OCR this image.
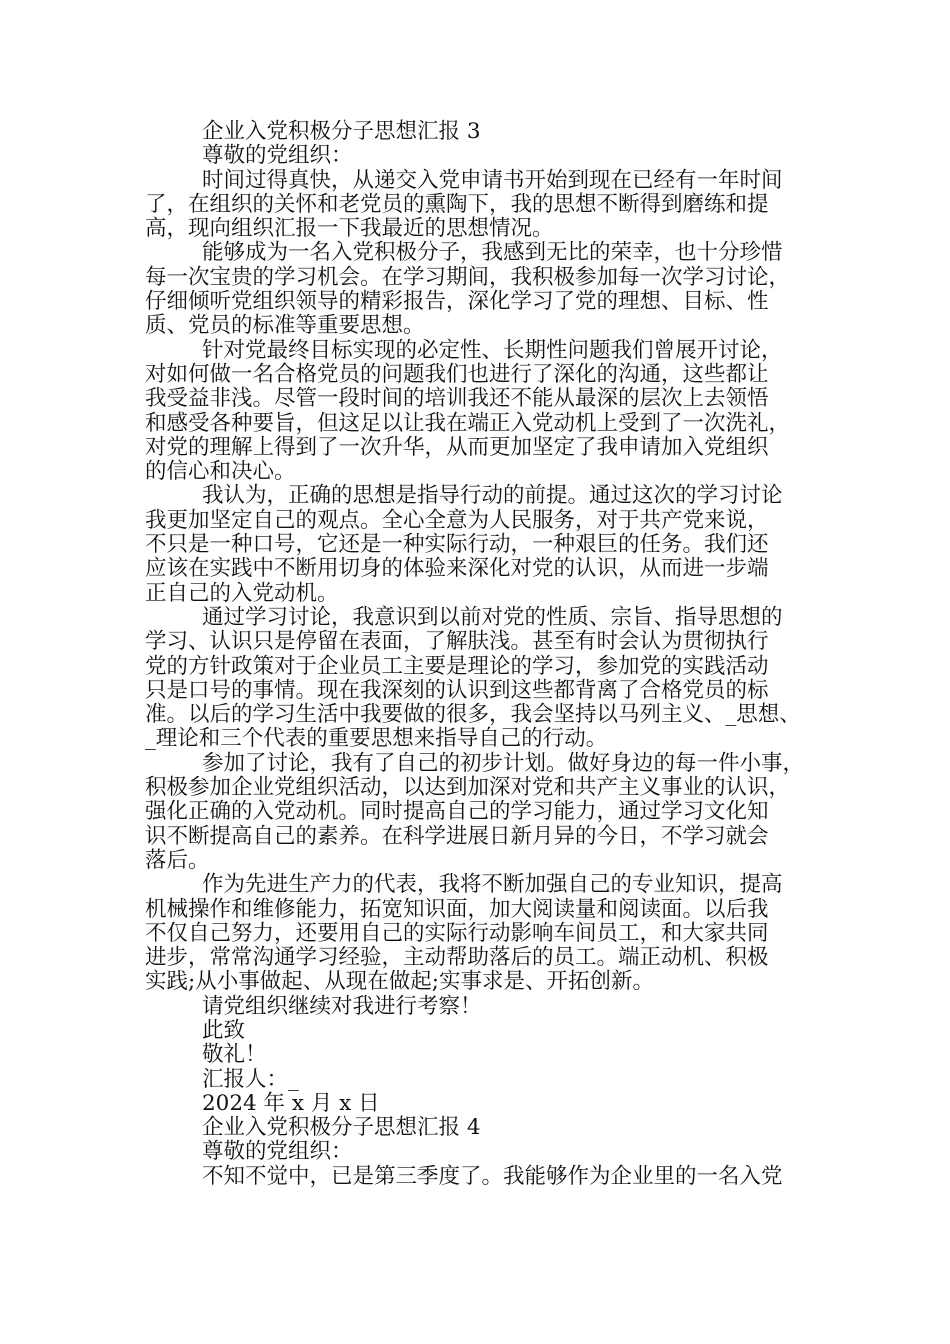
企业入党积极分子思想汇报 3
尊敬的党组织：
时间过得真快，从递交入党申请书开始到现在已经有一年时间
了，在组织的关怀和老党员的熏陶下，我的思想不断得到磨练和提
高，现向组织汇报一下我最近的思想情况。
能够成为一名入党积极分子，我感到无比的荣幸，也十分珍惜
每一次宝贵的学习机会。在学习期间，我积极参加每一次学习讨论，
仔细倾听党组织领导的精彩报告，深化学习了党的理想、目标、性
质、党员的标准等重要思想。
针对党最终目标实现的必定性、长期性问题我们曾展开讨论，
对如何做一名合格党员的问题我们也进行了深化的沟通，这些都让
我受益非浅。尽管一段时间的培训我还不能从最深的层次上去领悟
和感受各种要旨，但这足以让我在端正入党动机上受到了一次洗礼，
对党的理解上得到了一次升华，从而更加坚定了我申请加入党组织
的信心和决心。
我认为，正确的思想是指导行动的前提。通过这次的学习讨论
我更加坚定自己的观点。全心全意为人民服务，对于共产党来说，
不只是一种口号，它还是一种实际行动，一种艰巨的任务。我们还
应该在实践中不断用切身的体验来深化对党的认识，从而进一步端
正自己的入党动机。
通过学习讨论，我意识到以前对党的性质、宗旨、指导思想的
学习、认识只是停留在表面，了解肤浅。甚至有时会认为贯彻执行
党的方针政策对于企业员工主要是理论的学习，参加党的实践活动
只是口号的事情。现在我深刻的认识到这些都背离了合格党员的标
准。以后的学习生活中我要做的很多，我会坚持以马列主义、_思想、
_理论和三个代表的重要思想来指导自己的行动。
参加了讨论，我有了自己的初步计划。做好身边的每一件小事，
积极参加企业党组织活动，以达到加深对党和共产主义事业的认识，
强化正确的入党动机。同时提高自己的学习能力，通过学习文化知
识不断提高自己的素养。在科学进展日新月异的今日，不学习就会
落后。
作为先进生产力的代表，我将不断加强自己的专业知识，提高
机械操作和维修能力，拓宽知识面，加大阅读量和阅读面。以后我
不仅自己努力，还要用自己的实际行动影响车间员工，和大家共同
进步，常常沟通学习经验，主动帮助落后的员工。端正动机、积极
实践;从小事做起、从现在做起;实事求是、开拓创新。
请党组织继续对我进行考察！
此致
敬礼！
汇报人：_
2024 年 x 月 x 日
企业入党积极分子思想汇报 4
尊敬的党组织：
不知不觉中，已是第三季度了。我能够作为企业里的一名入党
